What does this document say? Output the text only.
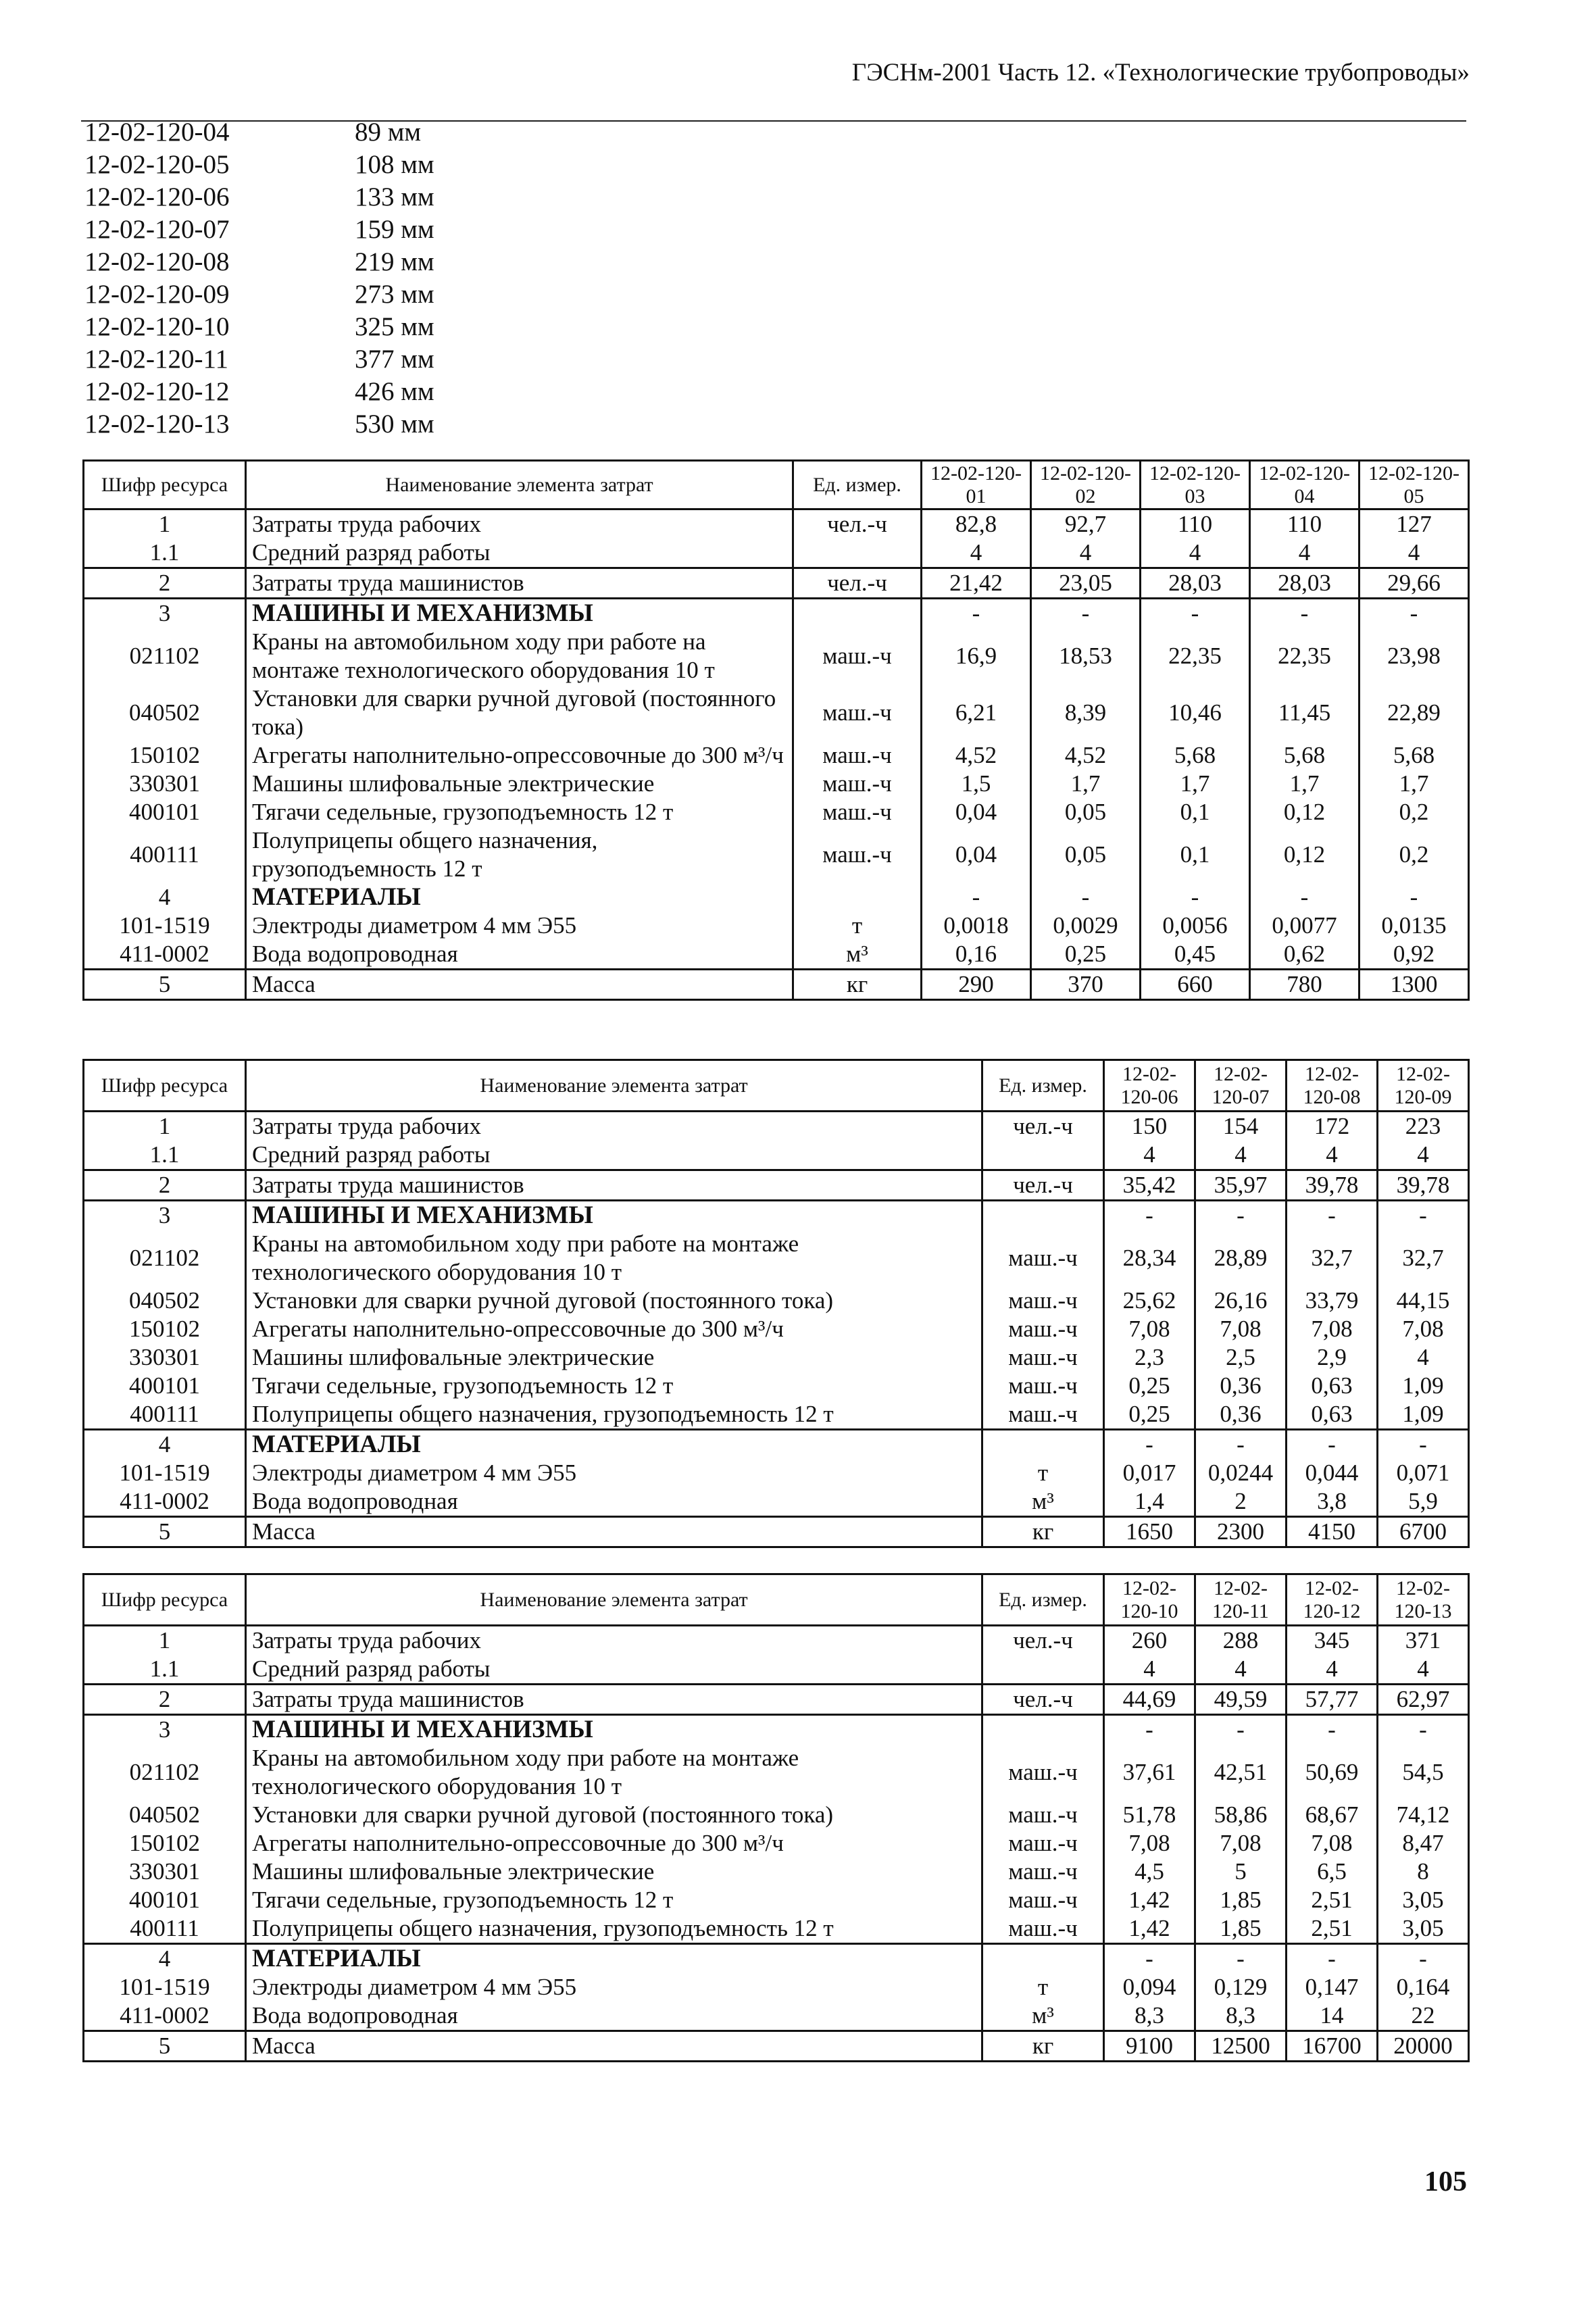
ГЭСНм-2001 Часть 12. «Технологические трубопроводы»
12-02-120-04	89 мм
12-02-120-05	108 мм
12-02-120-06	133 мм
12-02-120-07	159 мм
12-02-120-08	219 мм
12-02-120-09	273 мм
12-02-120-10	325 мм
12-02-120-11	377 мм
12-02-120-12	426 мм
12-02-120-13	530 мм
Шифр ресурса	Наименование элемента затрат	Ед. измер.	12-02-120-01	12-02-120-02	12-02-120-03	12-02-120-04	12-02-120-05
1	Затраты труда рабочих	чел.-ч	82,8	92,7	110	110	127
1.1	Средний разряд работы		4	4	4	4	4
2	Затраты труда машинистов	чел.-ч	21,42	23,05	28,03	28,03	29,66
3	МАШИНЫ И МЕХАНИЗМЫ		-	-	-	-	-
021102	Краны на автомобильном ходу при работе на монтаже технологического оборудования 10 т	маш.-ч	16,9	18,53	22,35	22,35	23,98
040502	Установки для сварки ручной дуговой (постоянного тока)	маш.-ч	6,21	8,39	10,46	11,45	22,89
150102	Агрегаты наполнительно-опрессовочные до 300 м³/ч	маш.-ч	4,52	4,52	5,68	5,68	5,68
330301	Машины шлифовальные электрические	маш.-ч	1,5	1,7	1,7	1,7	1,7
400101	Тягачи седельные, грузоподъемность 12 т	маш.-ч	0,04	0,05	0,1	0,12	0,2
400111	Полуприцепы общего назначения, грузоподъемность 12 т	маш.-ч	0,04	0,05	0,1	0,12	0,2
4	МАТЕРИАЛЫ		-	-	-	-	-
101-1519	Электроды диаметром 4 мм Э55	т	0,0018	0,0029	0,0056	0,0077	0,0135
411-0002	Вода водопроводная	м³	0,16	0,25	0,45	0,62	0,92
5	Масса	кг	290	370	660	780	1300
Шифр ресурса	Наименование элемента затрат	Ед. измер.	12-02-120-06	12-02-120-07	12-02-120-08	12-02-120-09
1	Затраты труда рабочих	чел.-ч	150	154	172	223
1.1	Средний разряд работы		4	4	4	4
2	Затраты труда машинистов	чел.-ч	35,42	35,97	39,78	39,78
3	МАШИНЫ И МЕХАНИЗМЫ		-	-	-	-
021102	Краны на автомобильном ходу при работе на монтаже технологического оборудования 10 т	маш.-ч	28,34	28,89	32,7	32,7
040502	Установки для сварки ручной дуговой (постоянного тока)	маш.-ч	25,62	26,16	33,79	44,15
150102	Агрегаты наполнительно-опрессовочные до 300 м³/ч	маш.-ч	7,08	7,08	7,08	7,08
330301	Машины шлифовальные электрические	маш.-ч	2,3	2,5	2,9	4
400101	Тягачи седельные, грузоподъемность 12 т	маш.-ч	0,25	0,36	0,63	1,09
400111	Полуприцепы общего назначения, грузоподъемность 12 т	маш.-ч	0,25	0,36	0,63	1,09
4	МАТЕРИАЛЫ		-	-	-	-
101-1519	Электроды диаметром 4 мм Э55	т	0,017	0,0244	0,044	0,071
411-0002	Вода водопроводная	м³	1,4	2	3,8	5,9
5	Масса	кг	1650	2300	4150	6700
Шифр ресурса	Наименование элемента затрат	Ед. измер.	12-02-120-10	12-02-120-11	12-02-120-12	12-02-120-13
1	Затраты труда рабочих	чел.-ч	260	288	345	371
1.1	Средний разряд работы		4	4	4	4
2	Затраты труда машинистов	чел.-ч	44,69	49,59	57,77	62,97
3	МАШИНЫ И МЕХАНИЗМЫ		-	-	-	-
021102	Краны на автомобильном ходу при работе на монтаже технологического оборудования 10 т	маш.-ч	37,61	42,51	50,69	54,5
040502	Установки для сварки ручной дуговой (постоянного тока)	маш.-ч	51,78	58,86	68,67	74,12
150102	Агрегаты наполнительно-опрессовочные до 300 м³/ч	маш.-ч	7,08	7,08	7,08	8,47
330301	Машины шлифовальные электрические	маш.-ч	4,5	5	6,5	8
400101	Тягачи седельные, грузоподъемность 12 т	маш.-ч	1,42	1,85	2,51	3,05
400111	Полуприцепы общего назначения, грузоподъемность 12 т	маш.-ч	1,42	1,85	2,51	3,05
4	МАТЕРИАЛЫ		-	-	-	-
101-1519	Электроды диаметром 4 мм Э55	т	0,094	0,129	0,147	0,164
411-0002	Вода водопроводная	м³	8,3	8,3	14	22
5	Масса	кг	9100	12500	16700	20000
105
